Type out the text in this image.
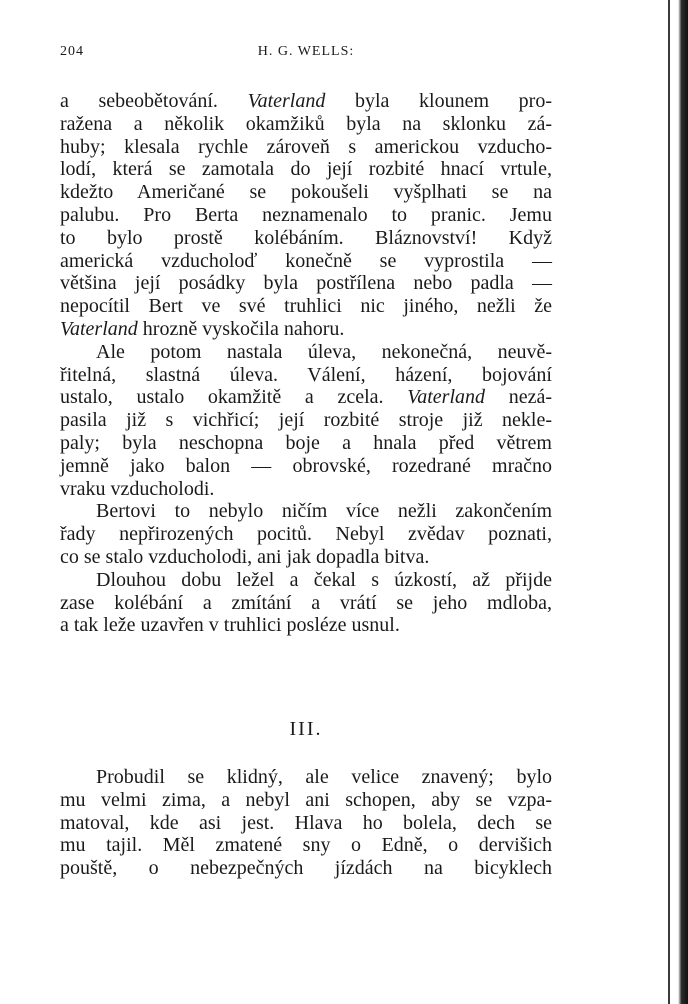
204	H. G. WELLS:

a sebeobětování. Vaterland byla klounem pro-
ražena a několik okamžiků byla na sklonku zá-
huby; klesala rychle zároveň s americkou vzducho-
lodí, která se zamotala do její rozbité hnací vrtule,
kdežto Američané se pokoušeli vyšplhati se na
palubu. Pro Berta neznamenalo to pranic. Jemu
to bylo prostě kolébáním. Bláznovství! Když
americká vzducholoď konečně se vyprostila —
většina její posádky byla postřílena nebo padla —
nepocítil Bert ve své truhlici nic jiného, nežli že
Vaterland hrozně vyskočila nahoru.

Ale potom nastala úleva, nekonečná, neuvě-
řitelná, slastná úleva. Válení, házení, bojování
ustalo, ustalo okamžitě a zcela. Vaterland nezá-
pasila již s vichřicí; její rozbité stroje již nekle-
paly; byla neschopna boje a hnala před větrem
jemně jako balon — obrovské, rozedrané mračno
vraku vzducholodi.

Bertovi to nebylo ničím více nežli zakončením
řady nepřirozených pocitů. Nebyl zvědav poznati,
co se stalo vzducholodi, ani jak dopadla bitva.

Dlouhou dobu ležel a čekal s úzkostí, až přijde
zase kolébání a zmítání a vrátí se jeho mdloba,
a tak leže uzavřen v truhlici posléze usnul.

III.

Probudil se klidný, ale velice znavený; bylo
mu velmi zima, a nebyl ani schopen, aby se vzpa-
matoval, kde asi jest. Hlava ho bolela, dech se
mu tajil. Měl zmatené sny o Edně, o dervišich
pouště, o nebezpečných jízdách na bicyklech
